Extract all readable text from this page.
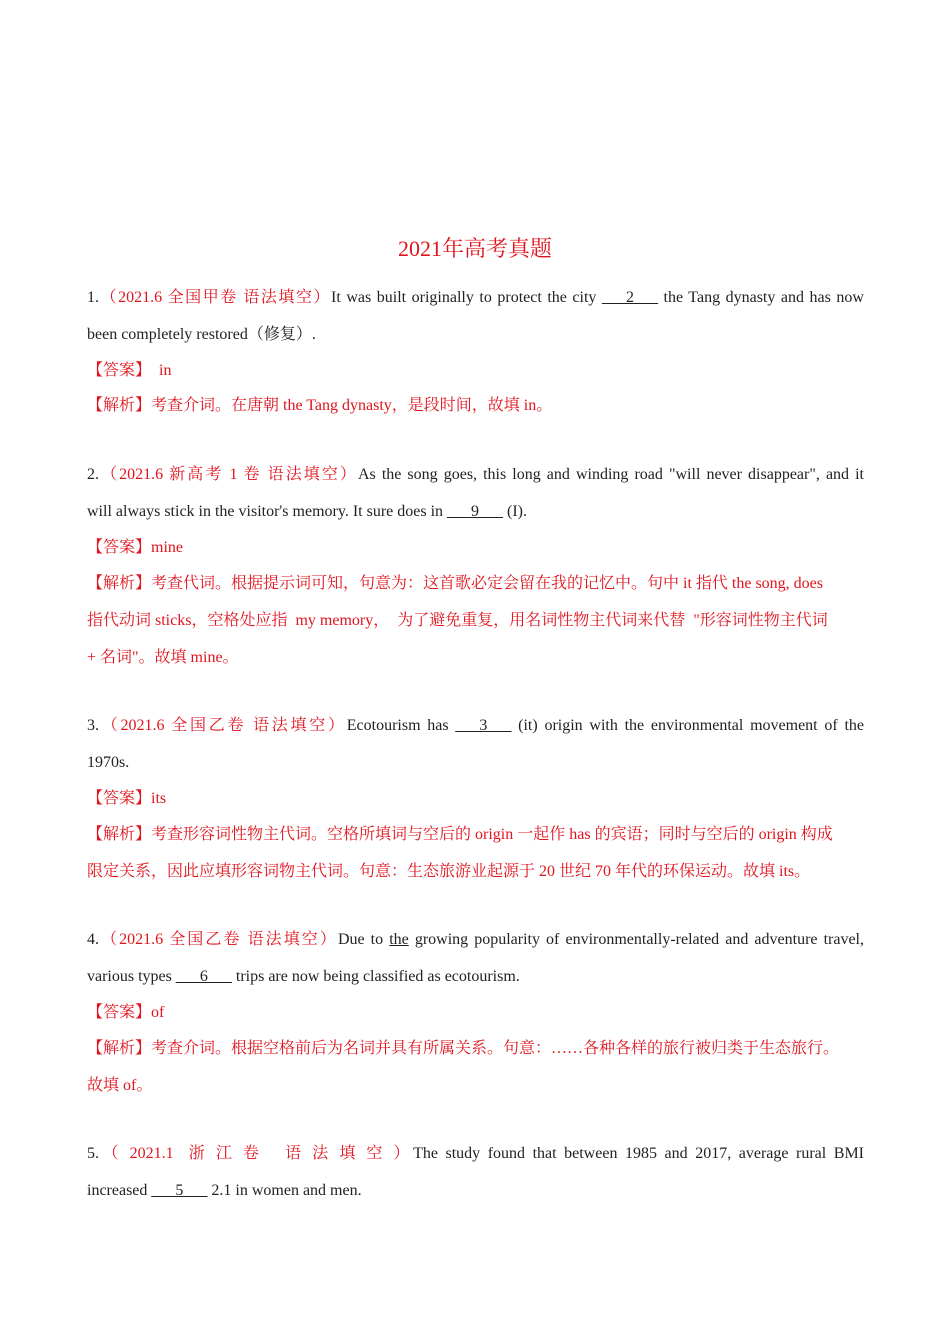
2021年高考真题
1.（2021.6 全国甲卷 语法填空）It was built originally to protect the city ___2___ the Tang dynasty and has now
been completely restored（修复）.
【答案】  in
【解析】考查介词。在唐朝 the Tang dynasty，是段时间，故填 in。
2.（2021.6 新高考 1 卷 语法填空）As the song goes, this long and winding road "will never disappear", and it
will always stick in the visitor's memory. It sure does in ___9___ (I).
【答案】mine
【解析】考查代词。根据提示词可知，句意为：这首歌必定会留在我的记忆中。句中 it 指代 the song, does
指代动词 sticks，空格处应指  my memory，  为了避免重复，用名词性物主代词来代替  "形容词性物主代词
+ 名词"。故填 mine。
3.（2021.6 全国乙卷 语法填空）Ecotourism has ___3___ (it) origin with the environmental movement of the
1970s.
【答案】its
【解析】考查形容词性物主代词。空格所填词与空后的 origin 一起作 has 的宾语；同时与空后的 origin 构成
限定关系，因此应填形容词物主代词。句意：生态旅游业起源于 20 世纪 70 年代的环保运动。故填 its。
4.（2021.6 全国乙卷 语法填空）Due to the growing popularity of environmentally-related and adventure travel,
various types ___6___ trips are now being classified as ecotourism.
【答案】of
【解析】考查介词。根据空格前后为名词并具有所属关系。句意：……各种各样的旅行被归类于生态旅行。
故填 of。
5.（ 2021.1  浙 江 卷   语 法 填 空 ）The study found that between 1985 and 2017, average rural BMI
increased ___5___ 2.1 in women and men.
